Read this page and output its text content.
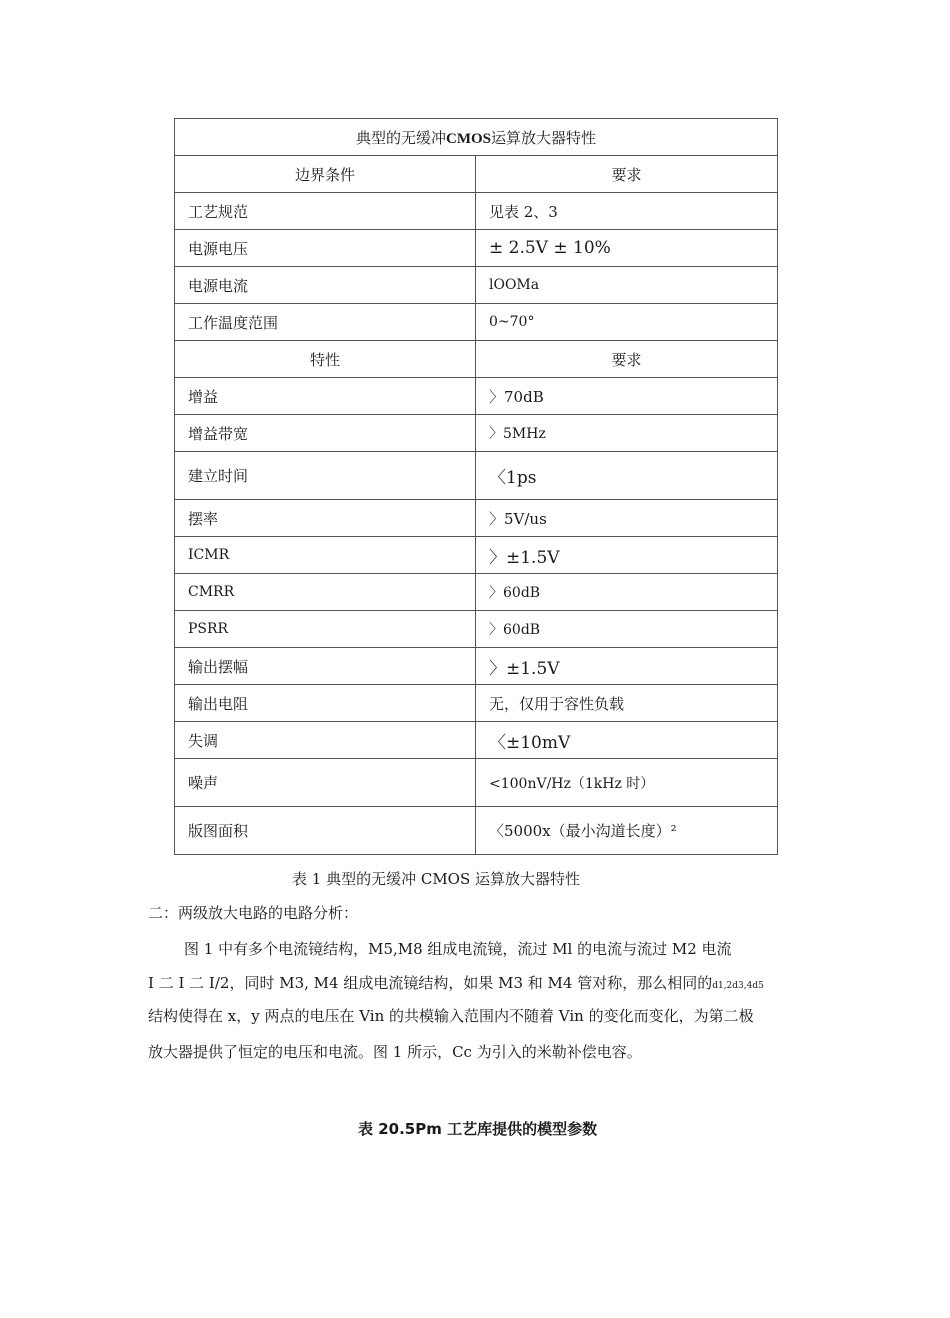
典型的无缓冲CMOS运算放大器特性	
边界条件	要求
工艺规范	见表 2、3
电源电压	± 2.5V ± 10%
电源电流	lOOMa
工作温度范围	0~70°
特性	要求
增益	〉70dB
增益带宽	〉5MHz
建立时间	〈1ps
摆率	〉5V/us
ICMR	〉±1.5V
CMRR	〉60dB
PSRR	〉60dB
输出摆幅	〉±1.5V
输出电阻	无，仅用于容性负载
失调	〈±10mV
噪声	<100nV/Hz（1kHz 时）
版图面积	〈5000x（最小沟道长度）²
表 1 典型的无缓冲 CMOS 运算放大器特性
二：两级放大电路的电路分析：
图 1 中有多个电流镜结构，M5,M8 组成电流镜，流过 Ml 的电流与流过 M2 电流
I 二 I 二 I/2，同时 M3, M4 组成电流镜结构，如果 M3 和 M4 管对称，那么相同的d1,2d3,4d5
结构使得在 x，y 两点的电压在 Vin 的共模输入范围内不随着 Vin 的变化而变化，为第二极
放大器提供了恒定的电压和电流。图 1 所示，Cc 为引入的米勒补偿电容。
表 20.5Pm 工艺库提供的模型参数
